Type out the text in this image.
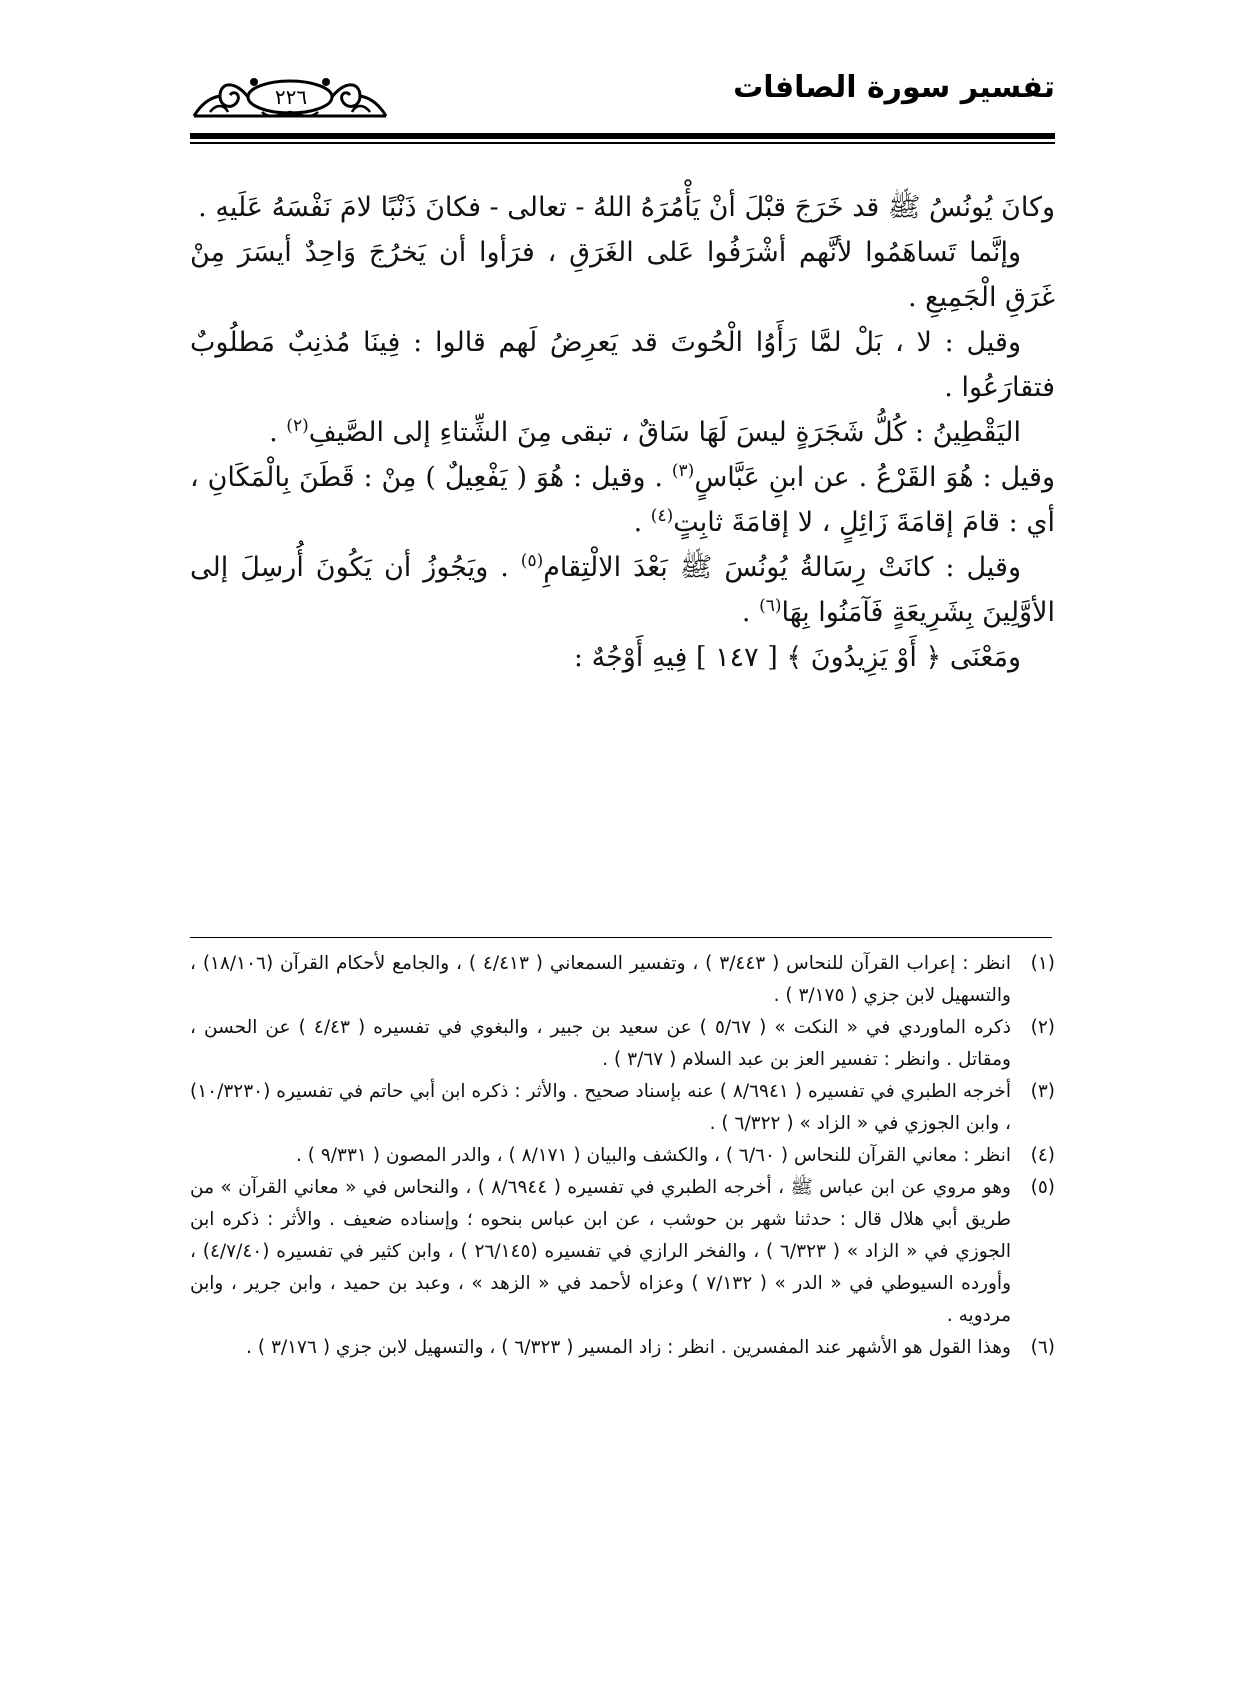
تفسير سورة الصافات
٢٢٦

وكانَ يُونُسُ ﷺ قد خَرَجَ قبْلَ أنْ يَأْمُرَهُ اللهُ - تعالى - فكانَ ذَنْبًا لامَ نَفْسَهُ عَلَيهِ .

وإنَّما تَساهَمُوا لأنَّهم أشْرَفُوا عَلى الغَرَقِ ، فرَأوا أن يَخرُجَ وَاحِدٌ أيسَرَ مِنْ غَرَقِ الْجَمِيعِ .

وقيل : لا ، بَلْ لمَّا رَأَوُا الْحُوتَ قد يَعرِضُ لَهم قالوا : فِينَا مُذنِبٌ مَطلُوبٌ فتقارَعُوا .

اليَقْطِينُ : كُلُّ شَجَرَةٍ ليسَ لَهَا سَاقٌ ، تبقى مِنَ الشِّتاءِ إلى الصَّيفِ$^{(٢)}$ .

وقيل : هُوَ القَرْعُ . عن ابنِ عَبَّاسٍ$^{(٣)}$ . وقيل : هُوَ ( يَفْعِيلٌ ) مِنْ : قَطَنَ بِالْمَكَانِ ، أي : قامَ إقامَةَ زَائِلٍ ، لا إقامَةَ ثابِتٍ$^{(٤)}$ .

وقيل : كانَتْ رِسَالةُ يُونُسَ ﷺ بَعْدَ الالْتِقامِ$^{(٥)}$ . ويَجُوزُ أن يَكُونَ أُرسِلَ إلى الأوَّلِينَ بِشَرِيعَةٍ فَآمَنُوا بِهَا$^{(٦)}$ .

ومَعْنَى ﴿ أَوْ يَزِيدُونَ ﴾ [ ١٤٧ ] فِيهِ أَوْجُهٌ :

(١)
انظر : إعراب القرآن للنحاس ( ٣/٤٤٣ ) ، وتفسير السمعاني ( ٤/٤١٣ ) ، والجامع لأحكام القرآن (١٨/١٠٦) ، والتسهيل لابن جزي ( ٣/١٧٥ ) .
(٢)
ذكره الماوردي في « النكت » ( ٥/٦٧ ) عن سعيد بن جبير ، والبغوي في تفسيره ( ٤/٤٣ ) عن الحسن ، ومقاتل . وانظر : تفسير العز بن عبد السلام ( ٣/٦٧ ) .
(٣)
أخرجه الطبري في تفسيره ( ٨/٦٩٤١ ) عنه بإسناد صحيح . والأثر : ذكره ابن أبي حاتم في تفسيره (١٠/٣٢٣٠) ، وابن الجوزي في « الزاد » ( ٦/٣٢٢ ) .
(٤)
انظر : معاني القرآن للنحاس ( ٦/٦٠ ) ، والكشف والبيان ( ٨/١٧١ ) ، والدر المصون ( ٩/٣٣١ ) .
(٥)
وهو مروي عن ابن عباس ﷺ ، أخرجه الطبري في تفسيره ( ٨/٦٩٤٤ ) ، والنحاس في « معاني القرآن » من طريق أبي هلال قال : حدثنا شهر بن حوشب ، عن ابن عباس بنحوه ؛ وإسناده ضعيف . والأثر : ذكره ابن الجوزي في « الزاد » ( ٦/٣٢٣ ) ، والفخر الرازي في تفسيره (٢٦/١٤٥ ) ، وابن كثير في تفسيره (٤/٧/٤٠) ، وأورده السيوطي في « الدر » ( ٧/١٣٢ ) وعزاه لأحمد في « الزهد » ، وعبد بن حميد ، وابن جرير ، وابن مردويه .
(٦)
وهذا القول هو الأشهر عند المفسرين . انظر : زاد المسير ( ٦/٣٢٣ ) ، والتسهيل لابن جزي ( ٣/١٧٦ ) .
